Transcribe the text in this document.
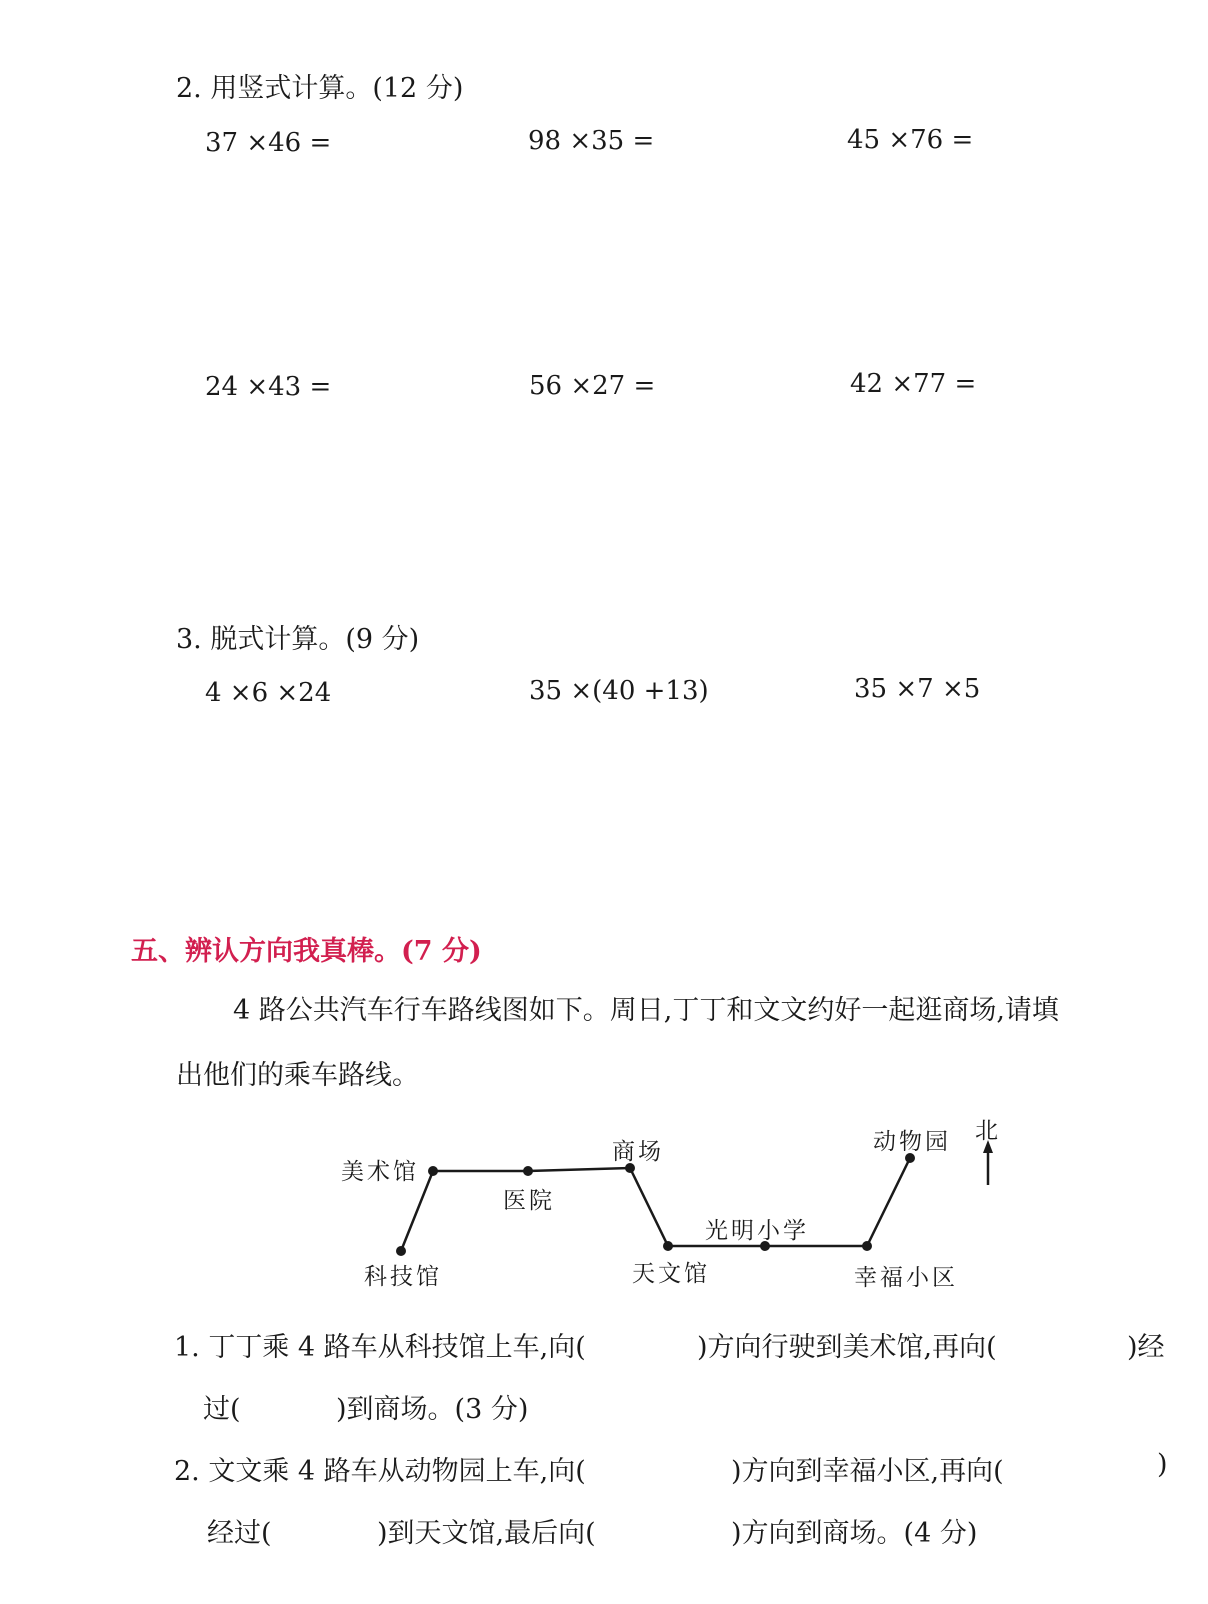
2. 用竖式计算。(12 分)
37 ×46 =	98 ×35 =	45 ×76 =
24 ×43 =	56 ×27 =	42 ×77 =
3. 脱式计算。(9 分)
4 ×6 ×24	35 ×(40 +13)	35 ×7 ×5
五、辨认方向我真棒。(7 分)
4 路公共汽车行车路线图如下。周日,丁丁和文文约好一起逛商场,请填
出他们的乘车路线。
美术馆
医院
商场
科技馆	天文馆
光明小学
幸福小区
动物园 北
1. 丁丁乘 4 路车从科技馆上车,向(	)方向行驶到美术馆,再向(	)经
过(	)到商场。(3 分)
2. 文文乘 4 路车从动物园上车,向(	)方向到幸福小区,再向(	)
经过(	)到天文馆,最后向(	)方向到商场。(4 分)
